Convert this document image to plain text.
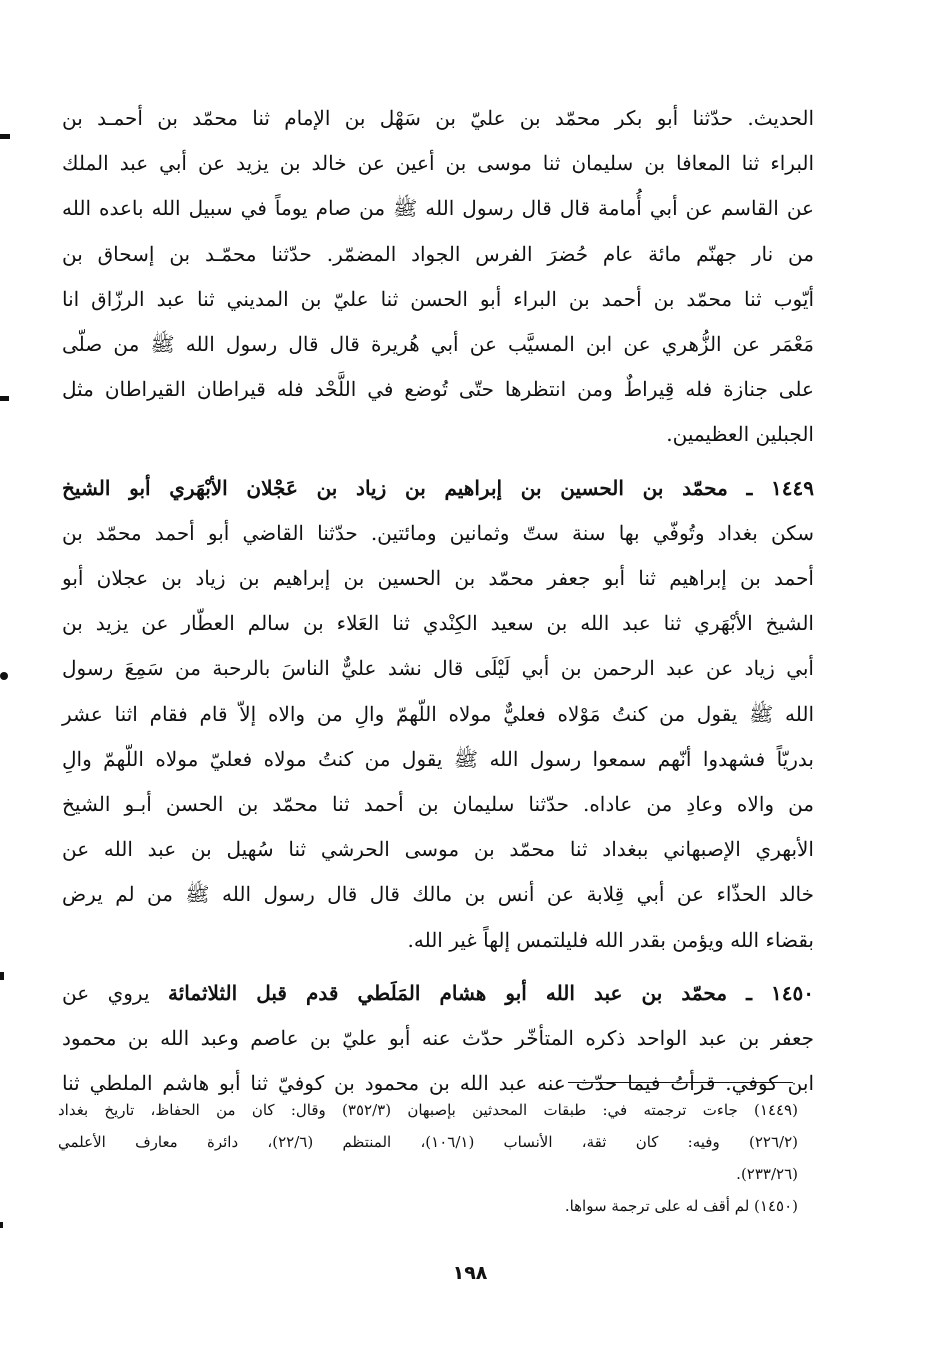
الحديث. حدّثنا أبو بكر محمّد بن عليّ بن سَهْل بن الإمام ثنا محمّد بن أحمـد بن

البراء ثنا المعافا بن سليمان ثنا موسى بن أعين عن خالد بن يزيد عن أبي عبد الملك

عن القاسم عن أبي أُمامة قال قال رسول الله ﷺ من صام يوماً في سبيل الله باعده الله

من نار جهنّم مائة عام حُضرَ الفرس الجواد المضمّر. حدّثنا محمّـد بن إسحاق بن

أيّوب ثنا محمّد بن أحمد بن البراء أبو الحسن ثنا عليّ بن المديني ثنا عبد الرزّاق انا

مَعْمَر عن الزُّهري عن ابن المسيَّب عن أبي هُريرة قال قال رسول الله ﷺ من صلّى

على جنازة فله قِيراطٌ ومن انتظرها حتّى تُوضع في اللَّحْد فله قيراطان القيراطان مثل

الجبلين العظيمين.

١٤٤٩ ـ محمّد بن الحسين بن إبراهيم بن زياد بن عَجْلان الأبْهَري أبو الشيخ

سكن بغداد وتُوفّي بها سنة ستّ وثمانين ومائتين. حدّثنا القاضي أبو أحمد محمّد بن

أحمد بن إبراهيم ثنا أبو جعفر محمّد بن الحسين بن إبراهيم بن زياد بن عجلان أبو

الشيخ الأبْهَري ثنا عبد الله بن سعيد الكِنْدي ثنا العَلاء بن سالم العطّار عن يزيد بن

أبي زياد عن عبد الرحمن بن أبي لَيْلَى قال نشد عليٌّ الناسَ بالرحبة من سَمِعَ رسول

الله ﷺ يقول من كنتُ مَوْلاه فعليٌّ مولاه اللّهمّ والِ من والاه إلاّ قام فقام اثنا عشر

بدريّاً فشهدوا أنّهم سمعوا رسول الله ﷺ يقول من كنتُ مولاه فعليّ مولاه اللّهمّ والِ

من والاه وعادِ من عاداه. حدّثنا سليمان بن أحمد ثنا محمّد بن الحسن أبـو الشيخ

الأبهري الإصبهاني ببغداد ثنا محمّد بن موسى الحرشي ثنا سُهيل بن عبد الله عن

خالد الحذّاء عن أبي قِلابة عن أنس بن مالك قال قال رسول الله ﷺ من لم يرض

بقضاء الله ويؤمن بقدر الله فليلتمس إلهاً غير الله.

١٤٥٠ ـ محمّد بن عبد الله أبو هشام المَلَطي قدم قبل الثلاثمائة يروي عن

جعفر بن عبد الواحد ذكره المتأخّر حدّث عنه أبو عليّ بن عاصم وعبد الله بن محمود

ابن كوفي. قرأتُ فيما حدّث عنه عبد الله بن محمود بن كوفيّ ثنا أبو هاشم الملطي ثنا

(١٤٤٩) جاءت ترجمته في: طبقات المحدثين بإصبهان (٣٥٢/٣) وقال: كان من الحفاظ، تاريخ بغداد

(٢٢٦/٢) وفيه: كان ثقة، الأنساب (١٠٦/١)، المنتظم (٢٢/٦)، دائرة معارف الأعلمي

(٢٣٣/٢٦).

(١٤٥٠) لم أقف له على ترجمة سواها.

١٩٨
